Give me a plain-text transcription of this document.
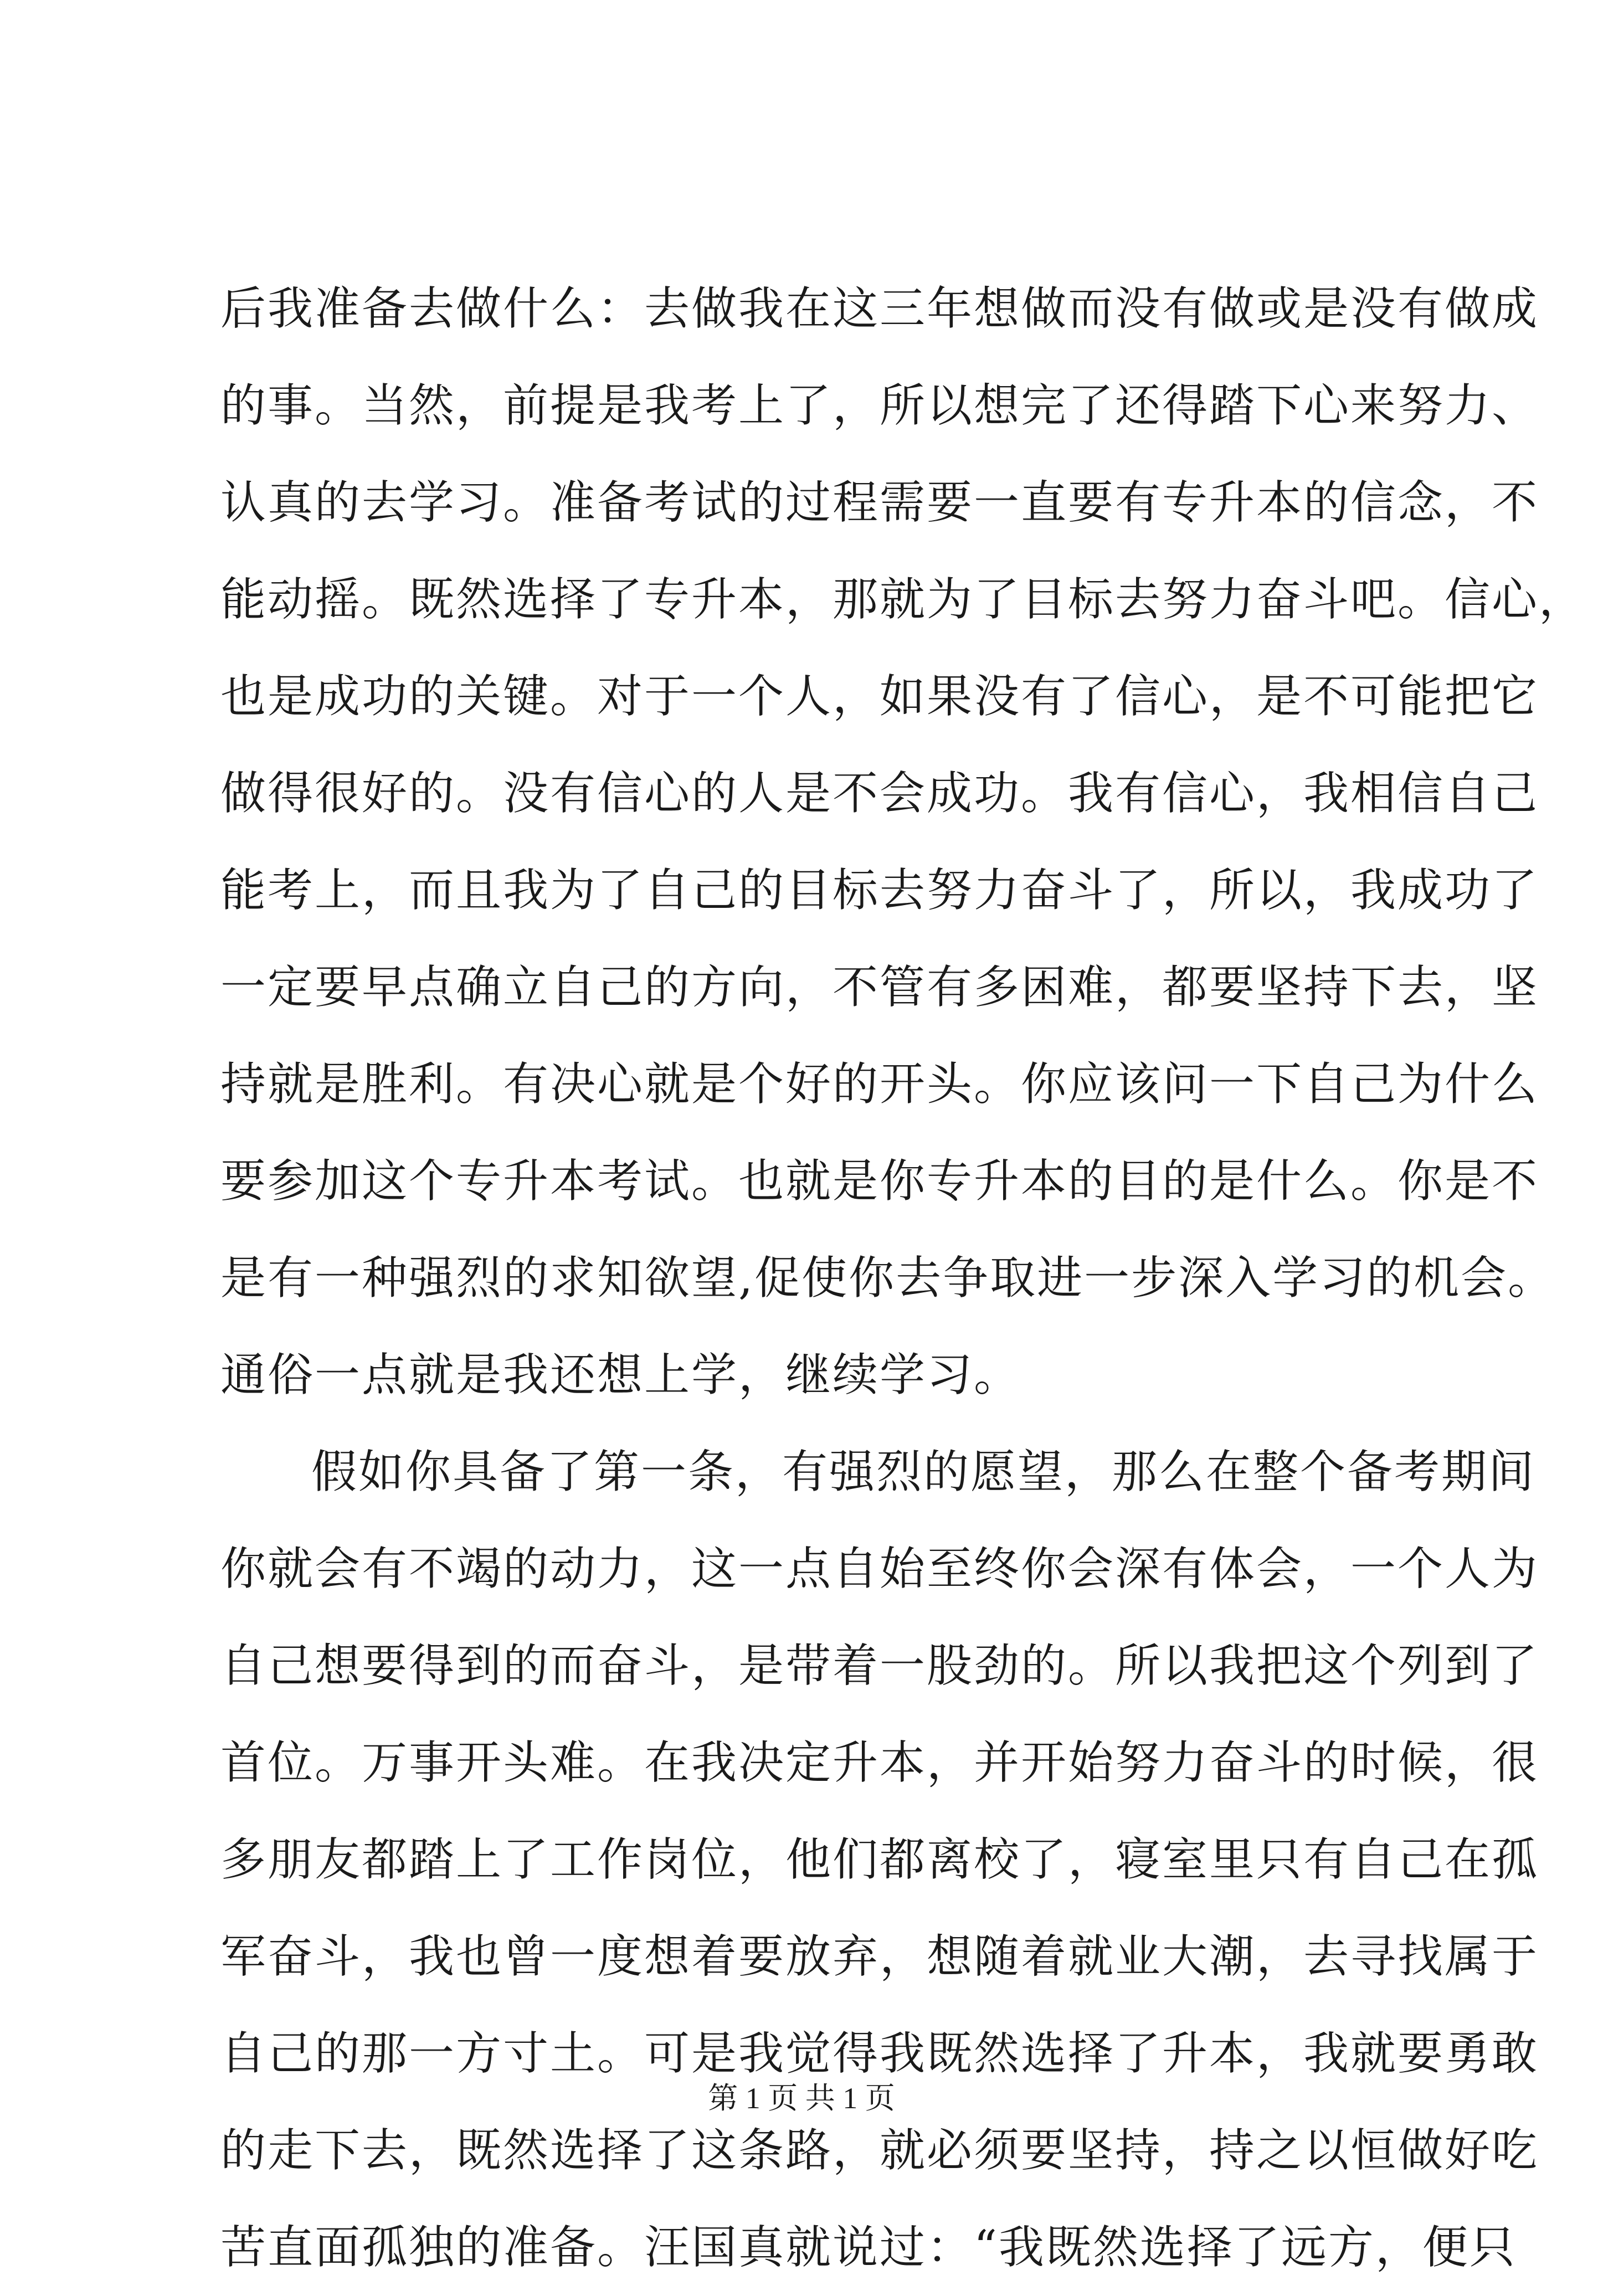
后我准备去做什么：去做我在这三年想做而没有做或是没有做成
的事。当然，前提是我考上了，所以想完了还得踏下心来努力、
认真的去学习。准备考试的过程需要一直要有专升本的信念，不
能动摇。既然选择了专升本，那就为了目标去努力奋斗吧。信心，
也是成功的关键。对于一个人，如果没有了信心，是不可能把它
做得很好的。没有信心的人是不会成功。我有信心，我相信自己
能考上，而且我为了自己的目标去努力奋斗了，所以，我成功了
一定要早点确立自己的方向，不管有多困难，都要坚持下去，坚
持就是胜利。有决心就是个好的开头。你应该问一下自己为什么
要参加这个专升本考试。也就是你专升本的目的是什么。你是不
是有一种强烈的求知欲望,促使你去争取进一步深入学习的机会。
通俗一点就是我还想上学，继续学习。
假如你具备了第一条，有强烈的愿望，那么在整个备考期间
你就会有不竭的动力，这一点自始至终你会深有体会，一个人为
自己想要得到的而奋斗，是带着一股劲的。所以我把这个列到了
首位。万事开头难。在我决定升本，并开始努力奋斗的时候，很
多朋友都踏上了工作岗位，他们都离校了，寝室里只有自己在孤
军奋斗，我也曾一度想着要放弃，想随着就业大潮，去寻找属于
自己的那一方寸土。可是我觉得我既然选择了升本，我就要勇敢
的走下去，既然选择了这条路，就必须要坚持，持之以恒做好吃
苦直面孤独的准备。汪国真就说过：“我既然选择了远方，便只
第 1 页 共 1 页
